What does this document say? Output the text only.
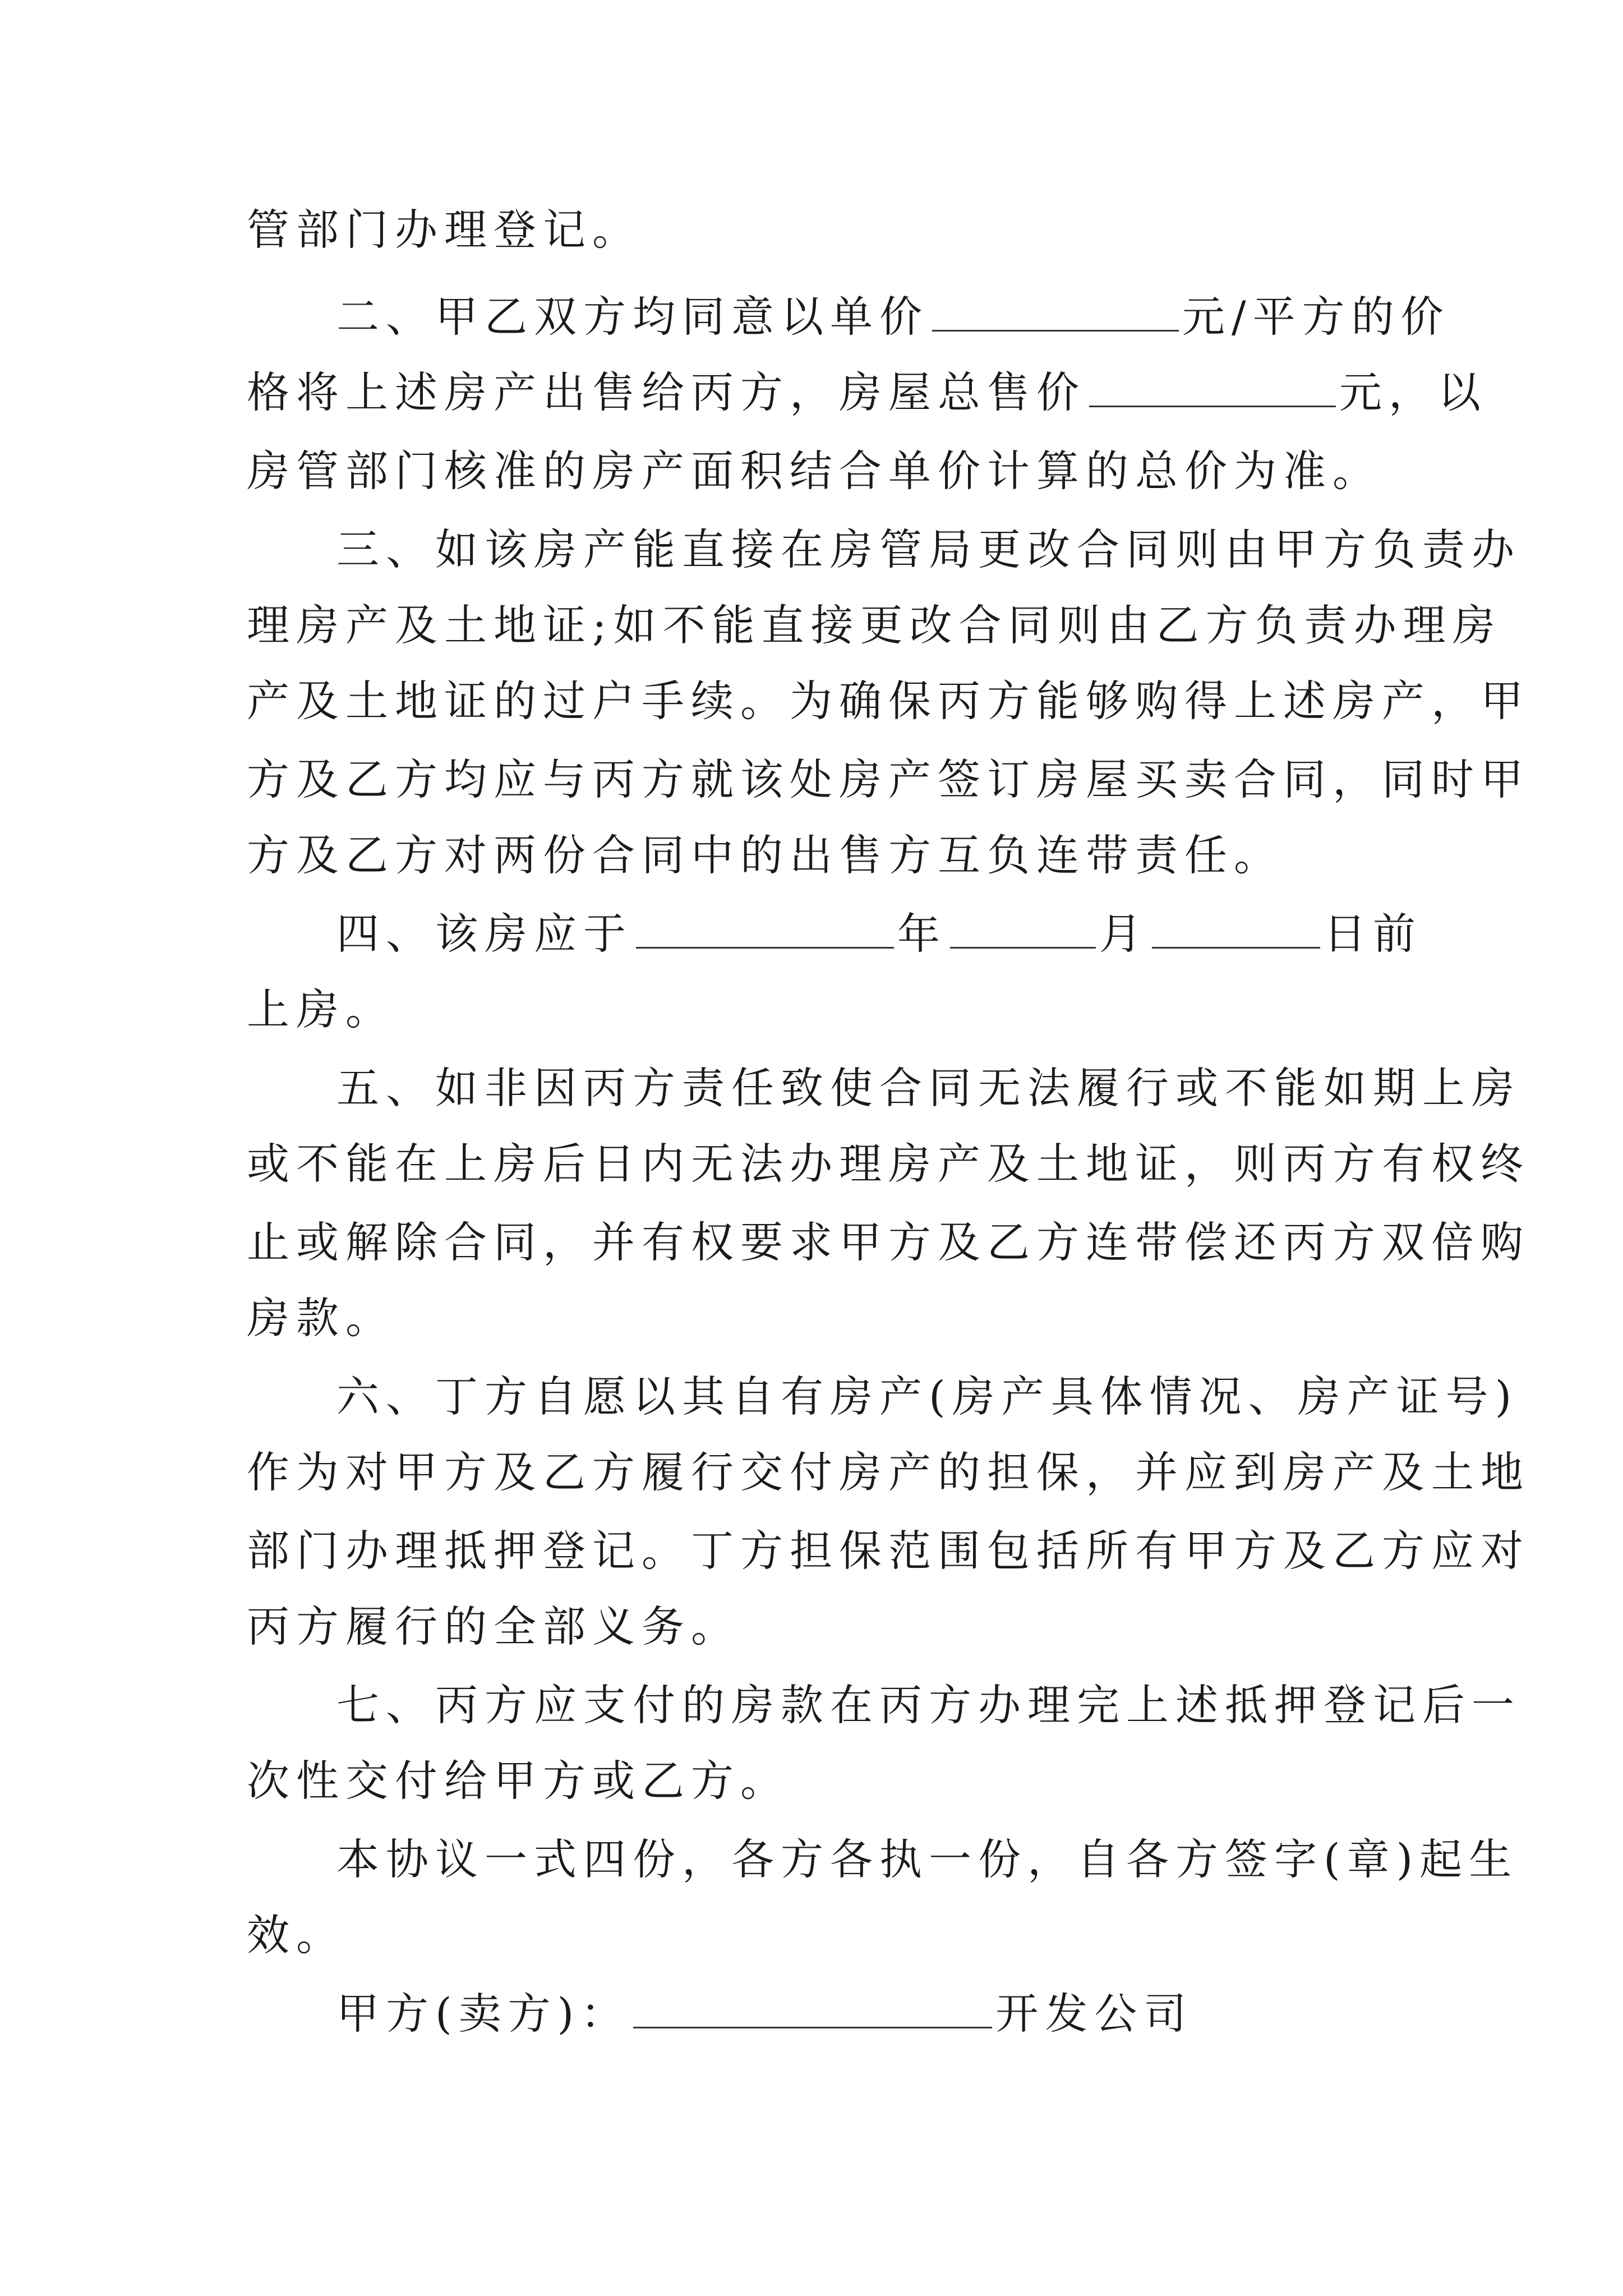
管部门办理登记。
二、甲乙双方均同意以单价	元/平方的价
格将上述房产出售给丙方，房屋总售价	元，以
房管部门核准的房产面积结合单价计算的总价为准。
三、如该房产能直接在房管局更改合同则由甲方负责办
理房产及土地证;如不能直接更改合同则由乙方负责办理房
产及土地证的过户手续。为确保丙方能够购得上述房产，甲
方及乙方均应与丙方就该处房产签订房屋买卖合同，同时甲
方及乙方对两份合同中的出售方互负连带责任。
四、该房应于	年	月	日前
上房。
五、如非因丙方责任致使合同无法履行或不能如期上房
或不能在上房后日内无法办理房产及土地证，则丙方有权终
止或解除合同，并有权要求甲方及乙方连带偿还丙方双倍购
房款。
六、丁方自愿以其自有房产(房产具体情况、房产证号)
作为对甲方及乙方履行交付房产的担保，并应到房产及土地
部门办理抵押登记。丁方担保范围包括所有甲方及乙方应对
丙方履行的全部义务。
七、丙方应支付的房款在丙方办理完上述抵押登记后一
次性交付给甲方或乙方。
本协议一式四份，各方各执一份，自各方签字(章)起生
效。
甲方(卖方)：	开发公司
